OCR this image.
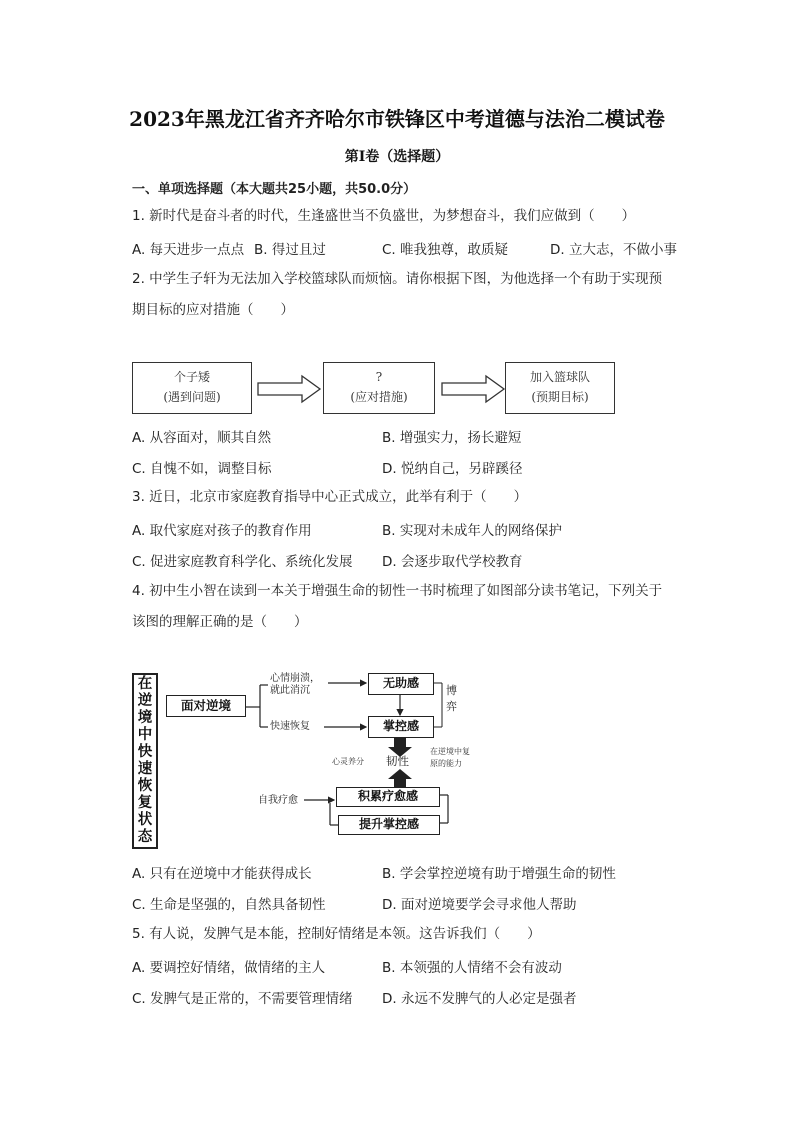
2023年黑龙江省齐齐哈尔市铁锋区中考道德与法治二模试卷
第I卷（选择题）
一、单项选择题（本大题共25小题，共50.0分）
1. 新时代是奋斗者的时代，生逢盛世当不负盛世，为梦想奋斗，我们应做到（　　）
A. 每天进步一点点 B. 得过且过	C. 唯我独尊，敢质疑	D. 立大志，不做小事
2. 中学生子轩为无法加入学校篮球队而烦恼。请你根据下图，为他选择一个有助于实现预
期目标的应对措施（　　）
个子矮
(遇到问题)
?
(应对措施)
加入篮球队
(预期目标)
A. 从容面对，顺其自然	B. 增强实力，扬长避短
C. 自愧不如，调整目标	D. 悦纳自己，另辟蹊径
3. 近日，北京市家庭教育指导中心正式成立，此举有利于（　　）
A. 取代家庭对孩子的教育作用	B. 实现对未成年人的网络保护
C. 促进家庭教育科学化、系统化发展 D. 会逐步取代学校教育
4. 初中生小智在读到一本关于增强生命的韧性一书时梳理了如图部分读书笔记，下列关于
该图的理解正确的是（　　）
在
逆
境
中
快
速
恢
复
状
态
面对逆境
心情崩溃，
就此消沉
快速恢复
无助感
掌控感
博
弈
心灵养分 韧性
在逆境中复
原的能力
自我疗愈	积累疗愈感
提升掌控感
A. 只有在逆境中才能获得成长	B. 学会掌控逆境有助于增强生命的韧性
C. 生命是坚强的，自然具备韧性	D. 面对逆境要学会寻求他人帮助
5. 有人说，发脾气是本能，控制好情绪是本领。这告诉我们（　　）
A. 要调控好情绪，做情绪的主人	B. 本领强的人情绪不会有波动
C. 发脾气是正常的，不需要管理情绪 D. 永远不发脾气的人必定是强者
